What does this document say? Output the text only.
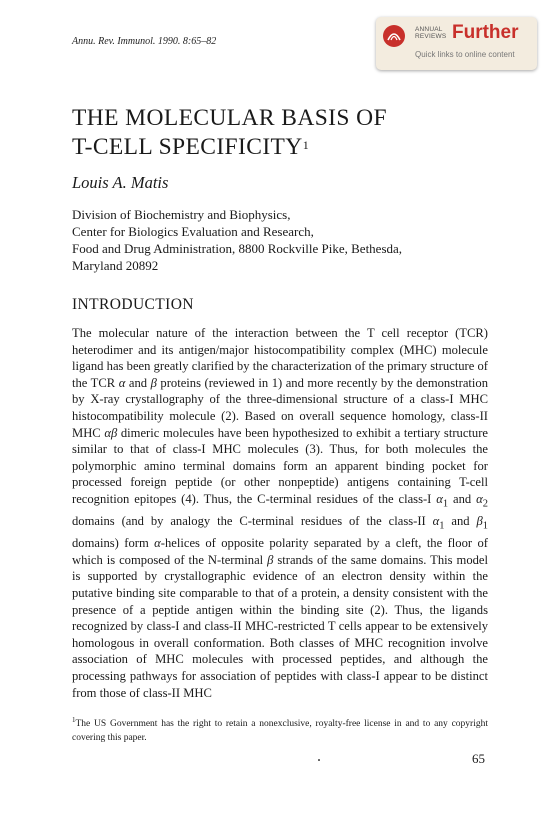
Annu. Rev. Immunol. 1990. 8:65–82
ANNUAL
REVIEWS Further
Quick links to online content
THE MOLECULAR BASIS OF
T-CELL SPECIFICITY$^1$
Louis A. Matis
Division of Biochemistry and Biophysics,
Center for Biologics Evaluation and Research,
Food and Drug Administration, 8800 Rockville Pike, Bethesda,
Maryland 20892
INTRODUCTION

The molecular nature of the interaction between the T cell receptor (TCR) heterodimer and its antigen/major histocompatibility complex (MHC) molecule ligand has been greatly clarified by the characterization of the primary structure of the TCR α and β proteins (reviewed in 1) and more recently by the demonstration by X-ray crystallography of the three-dimensional structure of a class-I MHC histocompatibility molecule (2). Based on overall sequence homology, class-II MHC αβ dimeric molecules have been hypothesized to exhibit a tertiary structure similar to that of class-I MHC molecules (3). Thus, for both molecules the polymorphic amino terminal domains form an apparent binding pocket for processed foreign peptide (or other nonpeptide) antigens containing T-cell recognition epitopes (4). Thus, the C-terminal residues of the class-I $\alpha_1$ and $\alpha_2$ domains (and by analogy the C-terminal residues of the class-II $\alpha_1$ and $\beta_1$ domains) form α-helices of opposite polarity separated by a cleft, the floor of which is composed of the N-terminal β strands of the same domains. This model is supported by crystallographic evidence of an electron density within the putative binding site comparable to that of a protein, a density consistent with the presence of a peptide antigen within the binding site (2). Thus, the ligands recognized by class-I and class-II MHC-restricted T cells appear to be extensively homologous in overall conformation. Both classes of MHC recognition involve association of MHC molecules with processed peptides, and although the processing pathways for association of peptides with class-I appear to be distinct from those of class-II MHC

$^1$The US Government has the right to retain a nonexclusive, royalty-free license in and to any copyright covering this paper.

65
